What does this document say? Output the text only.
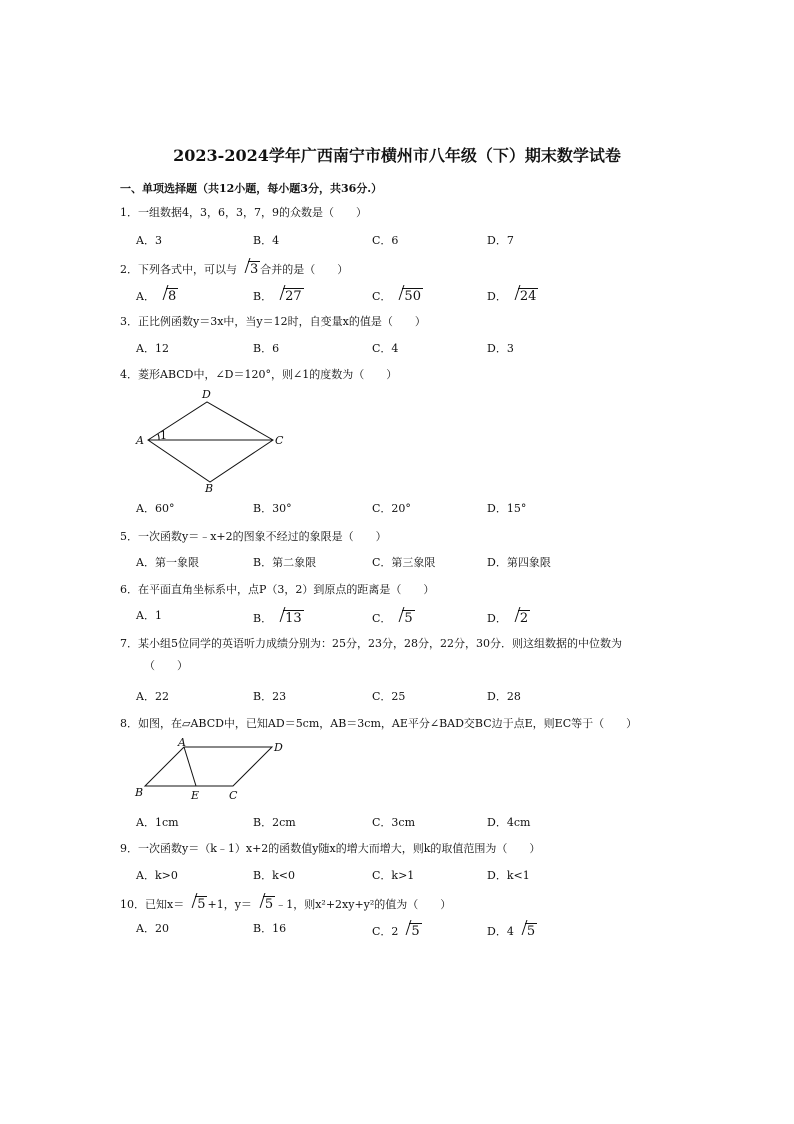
2023-2024学年广西南宁市横州市八年级（下）期末数学试卷
一、单项选择题（共12小题，每小题3分，共36分.）
1．一组数据4，3，6，3，7，9的众数是（　　）
A．3	B．4	C．6	D．7
2．下列各式中，可以与 3 合并的是（　　）
A． 8	B． 27	C． 50	D． 24
3．正比例函数y＝3x中，当y＝12时，自变量x的值是（　　）
A．12	B．6	C．4	D．3
4．菱形ABCD中，∠D＝120°，则∠1的度数为（　　）
D
A 1	C
B
A．60°	B．30°	C．20°	D．15°
5．一次函数y＝﹣x+2的图象不经过的象限是（　　）
A．第一象限	B．第二象限	C．第三象限	D．第四象限
6．在平面直角坐标系中，点P（3，2）到原点的距离是（　　）
A．1	B． 13	C． 5	D． 2
7．某小组5位同学的英语听力成绩分别为：25分，23分，28分，22分，30分．则这组数据的中位数为
（　　）
A．22	B．23	C．25	D．28
8．如图，在▱ABCD中，已知AD＝5cm，AB＝3cm，AE平分∠BAD交BC边于点E，则EC等于（　　）
A	D
B	E	C
A．1cm	B．2cm	C．3cm	D．4cm
9．一次函数y＝（k﹣1）x+2的函数值y随x的增大而增大，则k的取值范围为（　　）
A．k>0	B．k<0	C．k>1	D．k<1
10．已知x＝ 5 +1，y＝ 5 ﹣1，则x²+2xy+y²的值为（　　）
A．20	B．16	C．2 5	D．4 5
